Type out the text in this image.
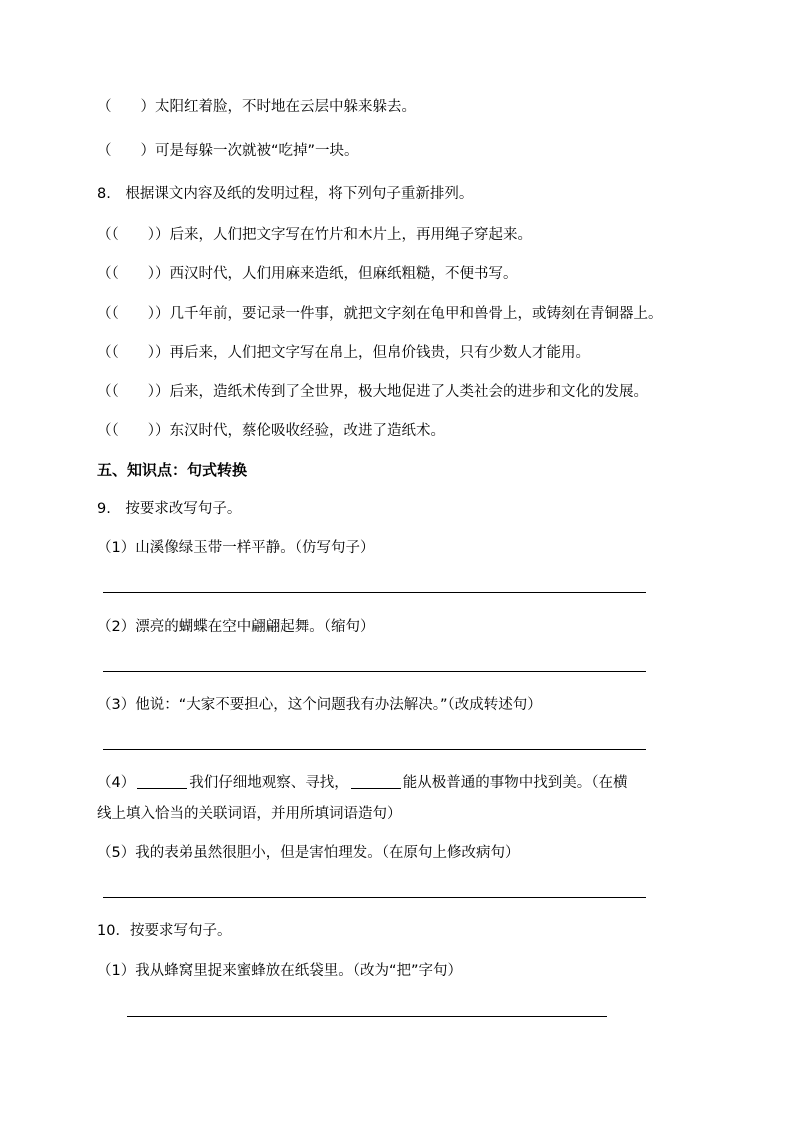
（　　）太阳红着脸，不时地在云层中躲来躲去。
（　　）可是每躲一次就被“吃掉”一块。
8.　根据课文内容及纸的发明过程，将下列句子重新排列。
（（　　））后来，人们把文字写在竹片和木片上，再用绳子穿起来。
（（　　））西汉时代，人们用麻来造纸，但麻纸粗糙，不便书写。
（（　　））几千年前，要记录一件事，就把文字刻在龟甲和兽骨上，或铸刻在青铜器上。
（（　　））再后来，人们把文字写在帛上，但帛价钱贵，只有少数人才能用。
（（　　））后来，造纸术传到了全世界，极大地促进了人类社会的进步和文化的发展。
（（　　））东汉时代，蔡伦吸收经验，改进了造纸术。
五、知识点：句式转换
9.　按要求改写句子。
（1）山溪像绿玉带一样平静。（仿写句子）
（2）漂亮的蝴蝶在空中翩翩起舞。（缩句）
（3）他说：“大家不要担心，这个问题我有办法解决。”（改成转述句）
（4）	我们仔细地观察、寻找，	能从极普通的事物中找到美。（在横
线上填入恰当的关联词语，并用所填词语造句）
（5）我的表弟虽然很胆小，但是害怕理发。（在原句上修改病句）
10．按要求写句子。
（1）我从蜂窝里捉来蜜蜂放在纸袋里。（改为“把”字句）
